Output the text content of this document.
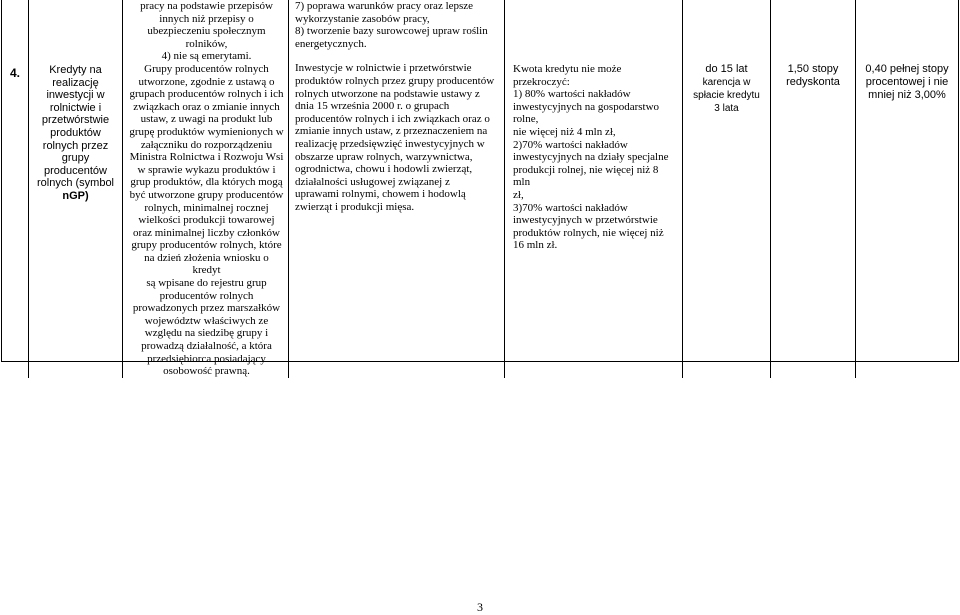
4.	Kredyty na
realizację
inwestycji w
rolnictwie i
przetwórstwie
produktów
rolnych przez
grupy
producentów
rolnych (symbol
nGP)
pracy na podstawie przepisów
innych niż przepisy o
ubezpieczeniu społecznym
rolników,
4) nie są emerytami.
Grupy producentów rolnych
utworzone, zgodnie z ustawą o
grupach producentów rolnych i ich
związkach oraz o zmianie innych
ustaw, z uwagi na produkt lub
grupę produktów wymienionych w
załączniku do rozporządzeniu
Ministra Rolnictwa i Rozwoju Wsi
w sprawie wykazu produktów i
grup produktów, dla których mogą
być utworzone grupy producentów
rolnych, minimalnej rocznej
wielkości produkcji towarowej
oraz minimalnej liczby członków
grupy producentów rolnych, które
na dzień złożenia wniosku o kredyt
są wpisane do rejestru grup
producentów rolnych
prowadzonych przez marszałków
województw właściwych ze
względu na siedzibę grupy i
prowadzą działalność, a która
przedsiębiorca posiadający
osobowość prawną.
7) poprawa warunków pracy oraz lepsze
wykorzystanie zasobów pracy,
8) tworzenie bazy surowcowej upraw roślin
energetycznych.
Inwestycje w rolnictwie i przetwórstwie
produktów rolnych przez grupy producentów
rolnych utworzone na podstawie ustawy z
dnia 15 września 2000 r. o grupach
producentów rolnych i ich związkach oraz o
zmianie innych ustaw, z przeznaczeniem na
realizację przedsięwzięć inwestycyjnych w
obszarze upraw rolnych, warzywnictwa,
ogrodnictwa, chowu i hodowli zwierząt,
działalności usługowej związanej z
uprawami rolnymi, chowem i hodowlą
zwierząt i produkcji mięsa.
Kwota kredytu nie może przekroczyć:
1) 80% wartości nakładów
inwestycyjnych na gospodarstwo rolne,
nie więcej niż 4 mln zł,
2)70% wartości nakładów
inwestycyjnych na działy specjalne
produkcji rolnej, nie więcej niż 8 mln
zł,
3)70% wartości nakładów
inwestycyjnych w przetwórstwie
produktów rolnych, nie więcej niż
16 mln zł.
do 15 lat
karencja w
spłacie kredytu
3 lata
1,50 stopy
redyskonta
0,40 pełnej stopy
procentowej i nie
mniej niż 3,00%
3
